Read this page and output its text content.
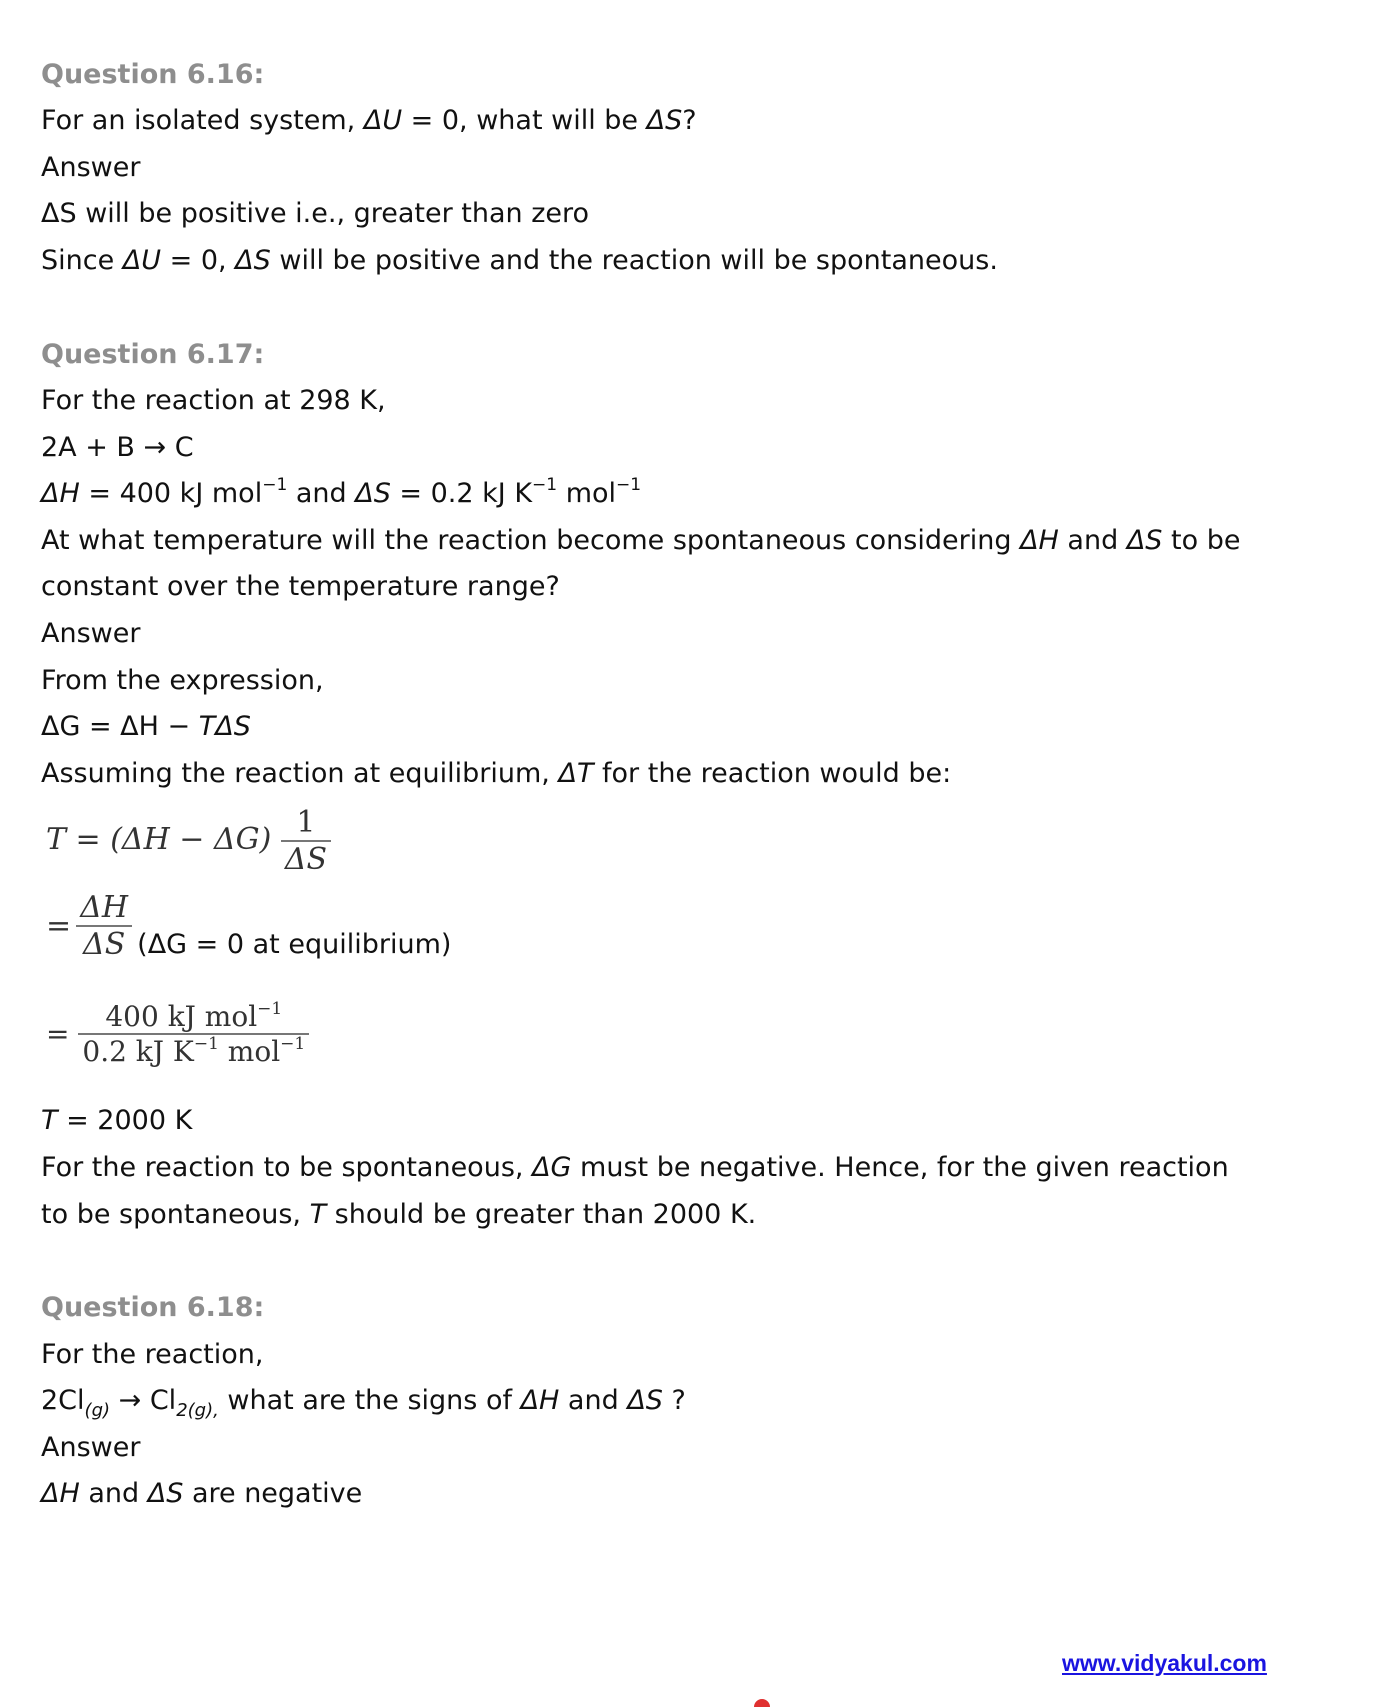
Question 6.16:
For an isolated system, ΔU = 0, what will be ΔS?
Answer
ΔS will be positive i.e., greater than zero
Since ΔU = 0, ΔS will be positive and the reaction will be spontaneous.
Question 6.17:
For the reaction at 298 K,
2A + B → C
ΔH = 400 kJ mol$^{-1}$ and ΔS = 0.2 kJ $K^{-1}$ mol$^{-1}$
At what temperature will the reaction become spontaneous considering ΔH and ΔS to be
constant over the temperature range?
Answer
From the expression,
ΔG = ΔH − TΔS
Assuming the reaction at equilibrium, ΔT for the reaction would be:
$T = (\Delta H - \Delta G) \frac{1}{\Delta S}$
= $\frac{\Delta H}{\Delta S} (\Delta G = 0$ at equilibrium)
= $\frac{400 kJ mol^{-1}}{0.2 kJ K^{-1} mol^{-1}}$
T = 2000 K
For the reaction to be spontaneous, ΔG must be negative. Hence, for the given reaction
to be spontaneous, T should be greater than 2000 K.
Question 6.18:
For the reaction,
$2Cl_{(g)} \to Cl_{2(g),}$ what are the signs of ΔH and ΔS ?
Answer
ΔH and ΔS are negative
www.vidyakul.com
